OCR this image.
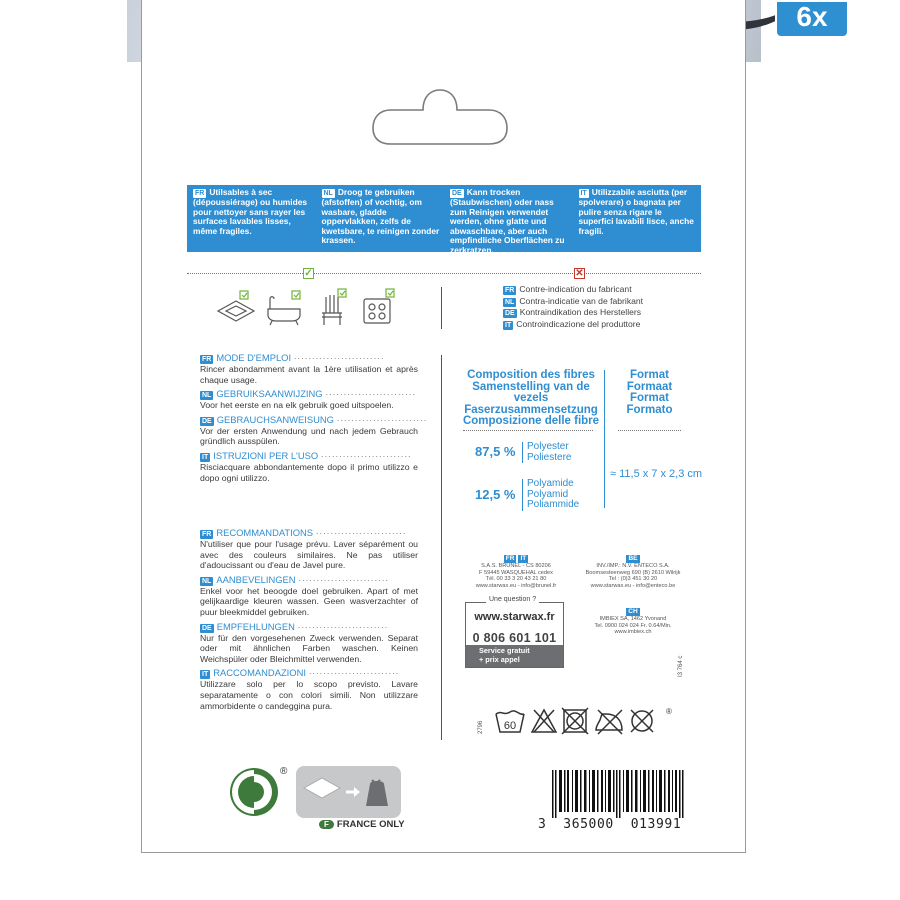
6x
FR Utilsables à sec (dépoussiérage) ou humides pour nettoyer sans rayer les surfaces lavables lisses, même fragiles.
NL Droog te gebruiken (afstoffen) of vochtig, om wasbare, gladde oppervlakken, zelfs de kwetsbare, te reinigen zonder krassen.
DE Kann trocken (Staubwischen) oder nass zum Reinigen verwendet werden, ohne glatte und abwaschbare, aber auch empfindliche Oberflächen zu zerkratzen.
IT Utilizzabile asciutta (per spolverare) o bagnata per pulire senza rigare le superfici lavabili lisce, anche fragili.
✓	✕
FR Contre-indication du fabricant
NL Contra-indicatie van de fabrikant
DE Kontraindikation des Herstellers
IT Controindicazione del produttore
FR MODE D'EMPLOI ·························
Rincer abondamment avant la 1ère utilisation et après chaque usage.
NL GEBRUIKSAANWIJZING ·························
Voor het eerste en na elk gebruik goed uitspoelen.
DE GEBRAUCHSANWEISUNG ·························
Vor der ersten Anwendung und nach jedem Gebrauch gründlich ausspülen.
IT ISTRUZIONI PER L'USO ·························
Risciacquare abbondantemente dopo il primo utilizzo e dopo ogni utilizzo.
FR RECOMMANDATIONS ·························
N'utiliser que pour l'usage prévu. Laver séparément ou avec des couleurs similaires. Ne pas utiliser d'adoucissant ou d'eau de Javel pure.
NL AANBEVELINGEN ·························
Enkel voor het beoogde doel gebruiken. Apart of met gelijkaardige kleuren wassen. Geen wasverzachter of puur bleekmiddel gebruiken.
DE EMPFEHLUNGEN ·························
Nur für den vorgesehenen Zweck verwenden. Separat oder mit ähnlichen Farben waschen. Keinen Weichspüler oder Bleichmittel verwenden.
IT RACCOMANDAZIONI ·························
Utilizzare solo per lo scopo previsto. Lavare separatamente o con colori simili. Non utilizzare ammorbidente o candeggina pura.
Composition des fibres
Samenstelling van de vezels
Faserzusammensetzung
Composizione delle fibre
Format
Formaat
Format
Formato
87,5 % Polyester
Poliestere
12,5 %
Polyamide
Polyamid
Poliammide
≈ 11,5 x 7 x 2,3 cm
FR IT
S.A.S. BRUNEL - CS 80206
F 59445 WASQUEHAL cedex
Tél. 00 33 3 20 43 21 80
www.starwax.eu - info@brunel.fr
BE
INV./IMP.: N.V. ENTECO S.A.
Boomsesteenweg 690 (B) 2610 Wilrijk
Tel : (0)3 451 30 20
www.starwax.eu - info@enteco.be
CH
IMBIEX SA, 1462 Yvonand
Tel. 0900 024 024 Fr. 0.64/Min.
www.imbiex.ch
Une question ?
www.starwax.fr
0 806 601 101
Service gratuit
+ prix appel	I3 764 c
2796 60
®
®
F FRANCE ONLY	3  365000  013991
